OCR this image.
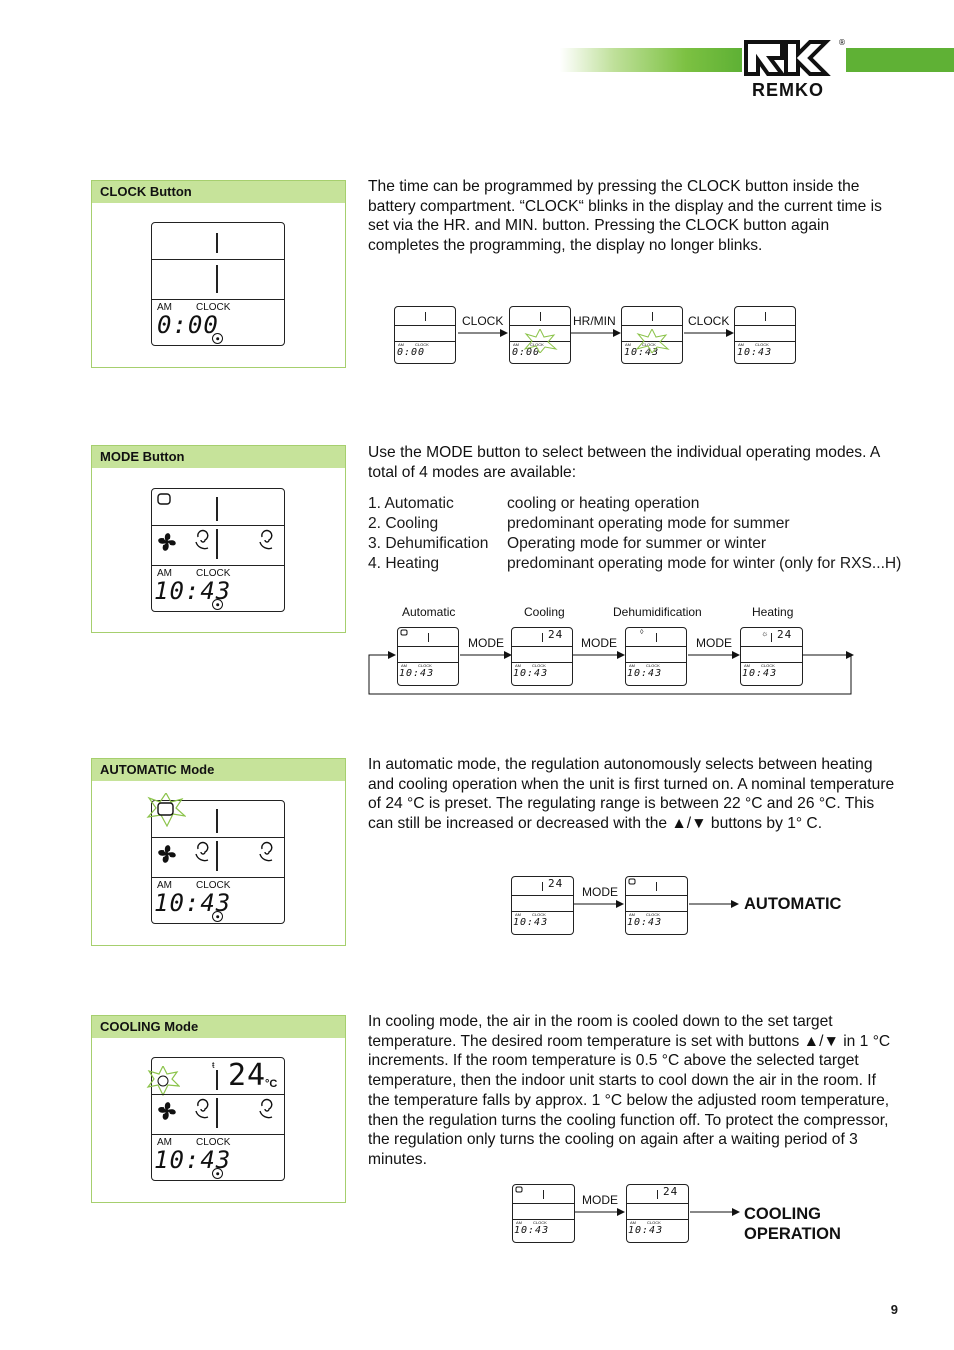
REMKO
®
CLOCK Button
AM CLOCK
0:00
The time can be programmed by pressing the CLOCK button inside the battery compartment. “CLOCK“ blinks in the display and the current time is set via the HR. and MIN. button. Pressing the CLOCK button again completes the programming, the display no longer blinks.
AM	CLOCK
0:00
CLOCK
AM	CLOCK
0:00
HR/MIN
AM	CLOCK
10:43
CLOCK
AM	CLOCK
10:43
MODE Button
AM CLOCK
10:43
Use the MODE button to select between the individual operating modes. A total of 4 modes are available:
1. Automatic	cooling or heating operation
2. Cooling	predominant operating mode for summer
3. Dehumification	Operating mode for summer or winter
4. Heating	predominant operating mode for winter (only for RXS...H)
Automatic	Cooling	Dehumidification	Heating
AM	CLOCK
10:43
MODE
24
AM	CLOCK
10:43
MODE
◊
AM	CLOCK
10:43
MODE
☼ 24
AM	CLOCK
10:43
AUTOMATIC Mode
AM CLOCK
10:43
In automatic mode, the regulation autonomously selects between heating and cooling operation when the unit is first turned on. A nominal temperature of 24 °C is preset. The regulating range is between 22 °C and 26 °C. This can still be increased or decreased with the ▲/▼ buttons by 1° C.
24
AM	CLOCK
10:43
MODE
AM	CLOCK
10:43
AUTOMATIC
COOLING Mode
ŧ 24
°C
AM CLOCK
10:43
In cooling mode, the air in the room is cooled down to the set target temperature. The desired room temperature is set with buttons ▲/▼ in 1 °C increments. If the room temperature is 0.5 °C above the selected target temperature, then the indoor unit starts to cool down the air in the room. If the temperature falls by approx. 1 °C below the adjusted room temperature, then the regulation turns the cooling function off. To protect the compressor, the regulation only turns the cooling on again after a waiting period of 3 minutes.
AM	CLOCK
10:43
MODE
24
AM	CLOCK
10:43
COOLING OPERATION
9
